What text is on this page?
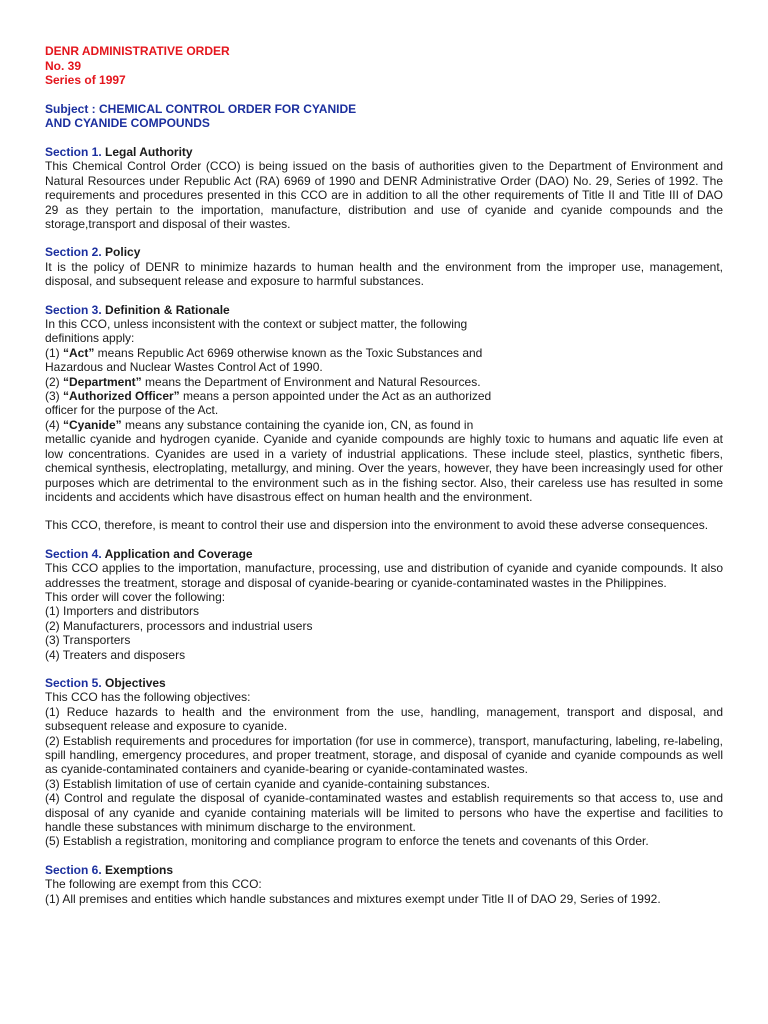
DENR ADMINISTRATIVE ORDER
No. 39
Series of 1997
Subject : CHEMICAL CONTROL ORDER FOR CYANIDE
AND CYANIDE COMPOUNDS
Section 1. Legal Authority

This Chemical Control Order (CCO) is being issued on the basis of authorities given to the Department of Environment and Natural Resources under Republic Act (RA) 6969 of 1990 and DENR Administrative Order (DAO) No. 29, Series of 1992. The requirements and procedures presented in this CCO are in addition to all the other requirements of Title II and Title III of DAO 29 as they pertain to the importation, manufacture, distribution and use of cyanide and cyanide compounds and the storage,transport and disposal of their wastes.

Section 2. Policy

It is the policy of DENR to minimize hazards to human health and the environment from the improper use, management, disposal, and subsequent release and exposure to harmful substances.

Section 3. Definition & Rationale

In this CCO, unless inconsistent with the context or subject matter, the following

definitions apply:

(1) “Act” means Republic Act 6969 otherwise known as the Toxic Substances and

Hazardous and Nuclear Wastes Control Act of 1990.

(2) “Department” means the Department of Environment and Natural Resources.

(3) “Authorized Officer” means a person appointed under the Act as an authorized

officer for the purpose of the Act.

(4) “Cyanide” means any substance containing the cyanide ion, CN, as found in

metallic cyanide and hydrogen cyanide. Cyanide and cyanide compounds are highly toxic to humans and aquatic life even at low concentrations. Cyanides are used in a variety of industrial applications. These include steel, plastics, synthetic fibers, chemical synthesis, electroplating, metallurgy, and mining. Over the years, however, they have been increasingly used for other purposes which are detrimental to the environment such as in the fishing sector. Also, their careless use has resulted in some incidents and accidents which have disastrous effect on human health and the environment.

This CCO, therefore, is meant to control their use and dispersion into the environment to avoid these adverse consequences.

Section 4. Application and Coverage

This CCO applies to the importation, manufacture, processing, use and distribution of cyanide and cyanide compounds. It also addresses the treatment, storage and disposal of cyanide-bearing or cyanide-contaminated wastes in the Philippines.

This order will cover the following:

(1) Importers and distributors

(2) Manufacturers, processors and industrial users

(3) Transporters

(4) Treaters and disposers

Section 5. Objectives

This CCO has the following objectives:

(1) Reduce hazards to health and the environment from the use, handling, management, transport and disposal, and subsequent release and exposure to cyanide.

(2) Establish requirements and procedures for importation (for use in commerce), transport, manufacturing, labeling, re-labeling, spill handling, emergency procedures, and proper treatment, storage, and disposal of cyanide and cyanide compounds as well as cyanide-contaminated containers and cyanide-bearing or cyanide-contaminated wastes.

(3) Establish limitation of use of certain cyanide and cyanide-containing substances.

(4) Control and regulate the disposal of cyanide-contaminated wastes and establish requirements so that access to, use and disposal of any cyanide and cyanide containing materials will be limited to persons who have the expertise and facilities to handle these substances with minimum discharge to the environment.

(5) Establish a registration, monitoring and compliance program to enforce the tenets and covenants of this Order.

Section 6. Exemptions

The following are exempt from this CCO:

(1) All premises and entities which handle substances and mixtures exempt under Title II of DAO 29, Series of 1992.
